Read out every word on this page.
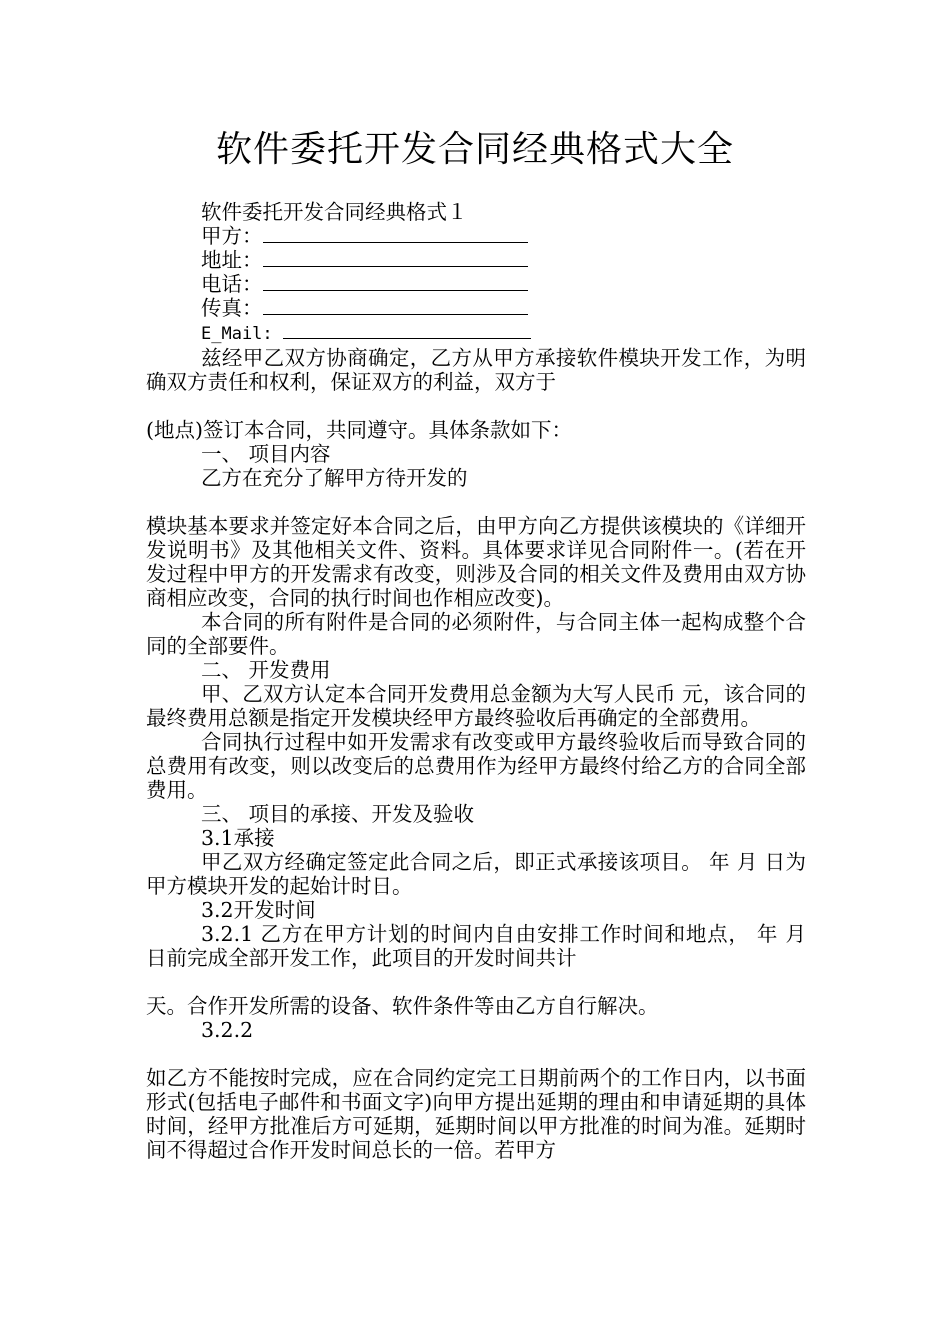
软件委托开发合同经典格式大全

软件委托开发合同经典格式１

甲方：

地址：

电话：

传真：

E_Mail:

兹经甲乙双方协商确定，乙方从甲方承接软件模块开发工作，为明确双方责任和权利，保证双方的利益，双方于

(地点)签订本合同，共同遵守。具体条款如下：

一、 项目内容

乙方在充分了解甲方待开发的

模块基本要求并签定好本合同之后，由甲方向乙方提供该模块的《详细开发说明书》及其他相关文件、资料。具体要求详见合同附件一。(若在开发过程中甲方的开发需求有改变，则涉及合同的相关文件及费用由双方协商相应改变，合同的执行时间也作相应改变)。

本合同的所有附件是合同的必须附件，与合同主体一起构成整个合同的全部要件。

二、 开发费用

甲、乙双方认定本合同开发费用总金额为大写人民币 元，该合同的最终费用总额是指定开发模块经甲方最终验收后再确定的全部费用。

合同执行过程中如开发需求有改变或甲方最终验收后而导致合同的总费用有改变，则以改变后的总费用作为经甲方最终付给乙方的合同全部费用。

三、 项目的承接、开发及验收

3.1承接

甲乙双方经确定签定此合同之后，即正式承接该项目。 年 月 日为甲方模块开发的起始计时日。

3.2开发时间

3.2.1 乙方在甲方计划的时间内自由安排工作时间和地点， 年 月 日前完成全部开发工作，此项目的开发时间共计

天。合作开发所需的设备、软件条件等由乙方自行解决。

3.2.2

如乙方不能按时完成，应在合同约定完工日期前两个的工作日内，以书面形式(包括电子邮件和书面文字)向甲方提出延期的理由和申请延期的具体时间，经甲方批准后方可延期，延期时间以甲方批准的时间为准。延期时间不得超过合作开发时间总长的一倍。若甲方
